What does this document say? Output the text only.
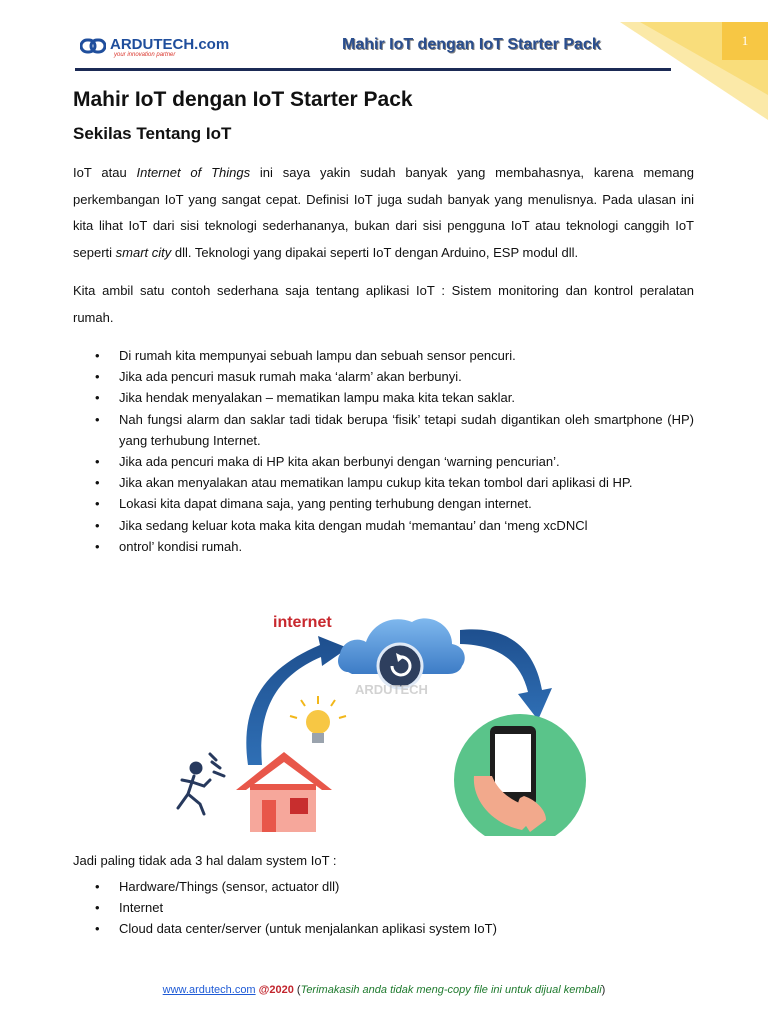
1
ARDUTECH.com
your innovation partner
Mahir IoT dengan IoT Starter Pack
Mahir IoT dengan IoT Starter Pack
Sekilas Tentang IoT

IoT atau Internet of Things ini saya yakin sudah banyak yang membahasnya, karena memang perkembangan IoT yang sangat cepat. Definisi IoT juga sudah banyak yang menulisnya. Pada ulasan ini kita lihat IoT dari sisi teknologi sederhananya, bukan dari sisi pengguna IoT atau teknologi canggih IoT seperti smart city dll. Teknologi yang dipakai seperti IoT dengan Arduino, ESP modul dll.

Kita ambil satu contoh sederhana saja tentang aplikasi IoT : Sistem monitoring dan kontrol peralatan rumah.

• Di rumah kita mempunyai sebuah lampu dan sebuah sensor pencuri.
• Jika ada pencuri masuk rumah maka ‘alarm’ akan berbunyi.
• Jika hendak menyalakan – mematikan lampu maka kita tekan saklar.
• Nah fungsi alarm dan saklar tadi tidak berupa ‘fisik’ tetapi sudah digantikan oleh smartphone (HP) yang terhubung Internet.
• Jika ada pencuri maka di HP kita akan berbunyi dengan ‘warning pencurian’.
• Jika akan menyalakan atau mematikan lampu cukup kita tekan tombol dari aplikasi di HP.
• Lokasi kita dapat dimana saja, yang penting terhubung dengan internet.
• Jika sedang keluar kota maka kita dengan mudah ‘memantau’ dan ‘meng xcDNCl
• ontrol’ kondisi rumah.
internet
ARDUTECH

Jadi paling tidak ada 3 hal dalam system IoT :

• Hardware/Things (sensor, actuator dll)
• Internet
• Cloud data center/server (untuk menjalankan aplikasi system IoT)
www.ardutech.com @2020 (Terimakasih anda tidak meng-copy file ini untuk dijual kembali)
